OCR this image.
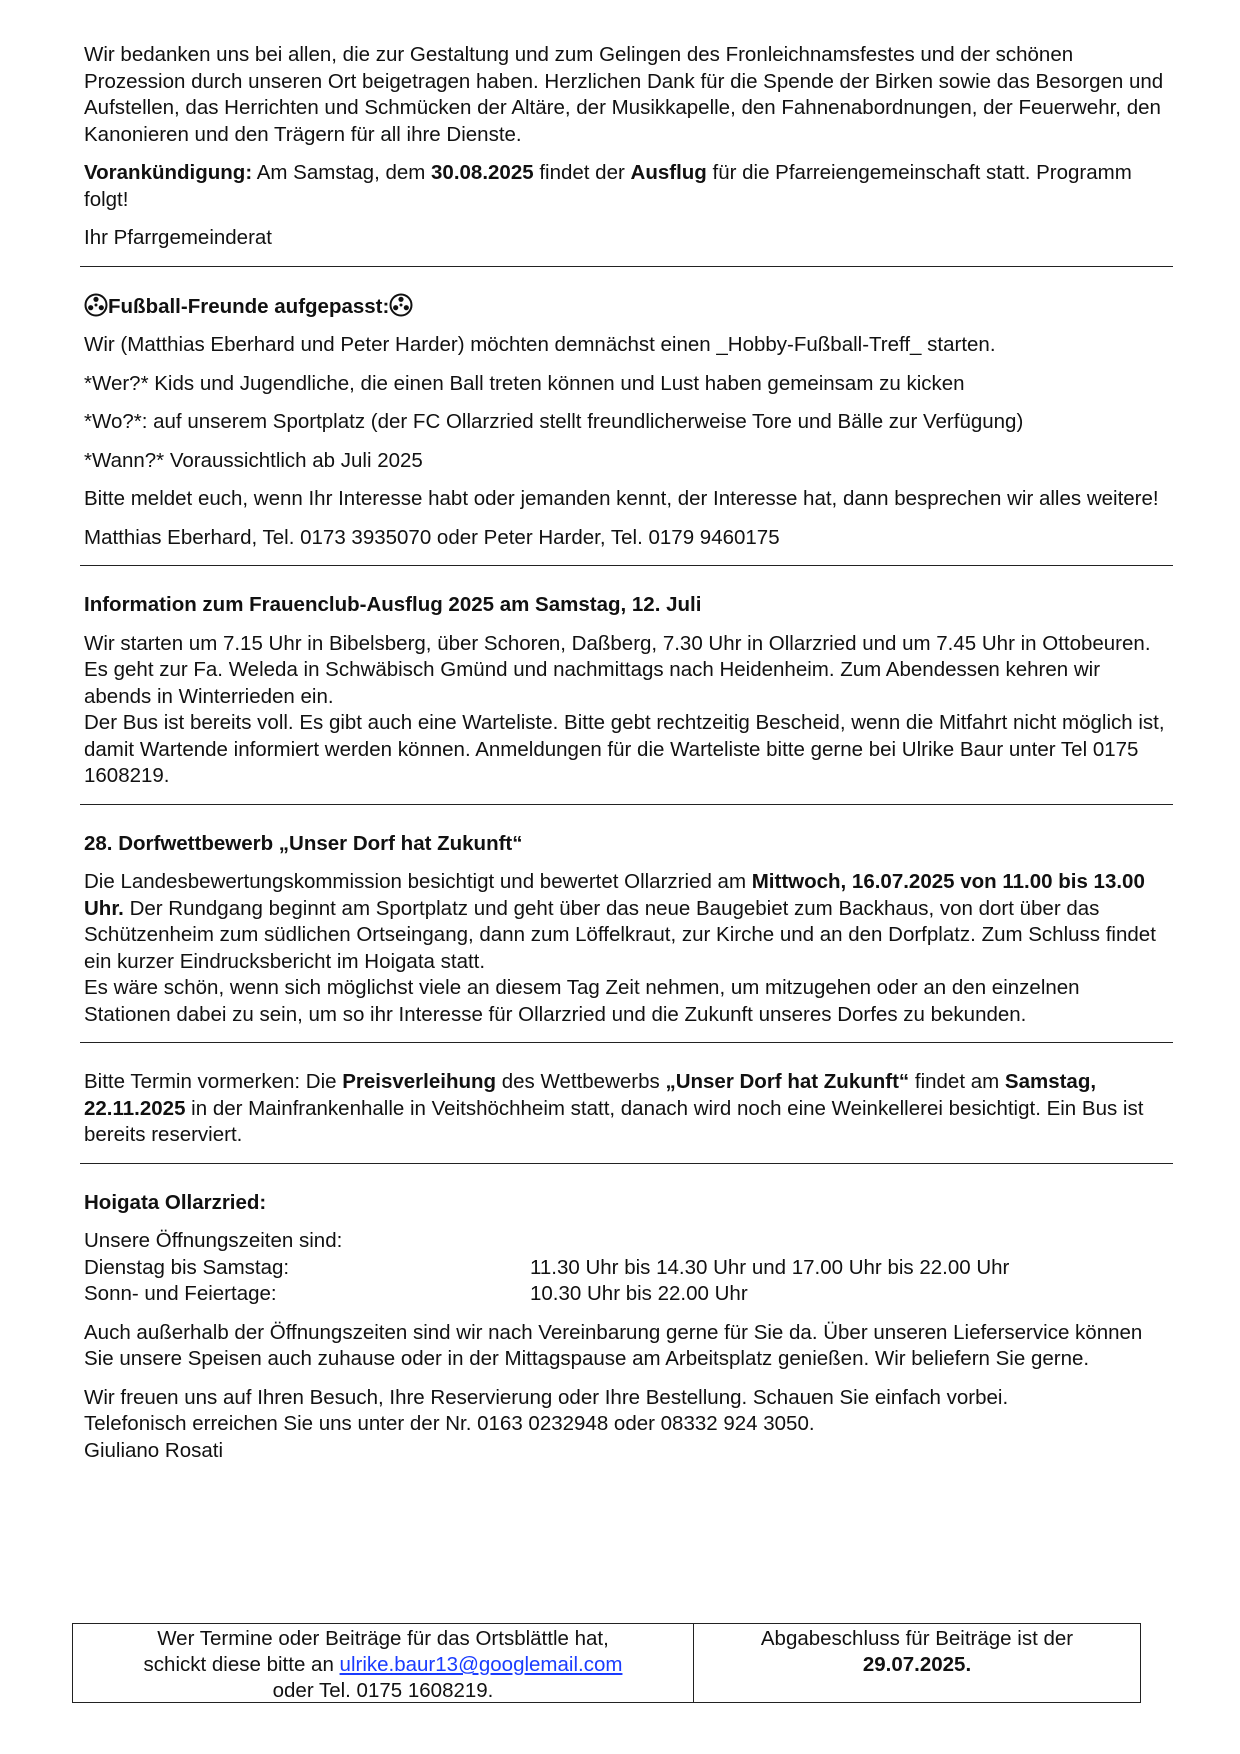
Wir bedanken uns bei allen, die zur Gestaltung und zum Gelingen des Fronleichnamsfestes und der schönen Prozession durch unseren Ort beigetragen haben. Herzlichen Dank für die Spende der Birken sowie das Besorgen und Aufstellen, das Herrichten und Schmücken der Altäre, der Musikkapelle, den Fahnenabordnungen, der Feuerwehr, den Kanonieren und den Trägern für all ihre Dienste.

Vorankündigung: Am Samstag, dem 30.08.2025 findet der Ausflug für die Pfarreiengemeinschaft statt. Programm folgt!

Ihr Pfarrgemeinderat

Fußball-Freunde aufgepasst:

Wir (Matthias Eberhard und Peter Harder) möchten demnächst einen _Hobby-Fußball-Treff_ starten.

*Wer?* Kids und Jugendliche, die einen Ball treten können und Lust haben gemeinsam zu kicken

*Wo?*: auf unserem Sportplatz (der FC Ollarzried stellt freundlicherweise Tore und Bälle zur Verfügung)

*Wann?* Voraussichtlich ab Juli 2025

Bitte meldet euch, wenn Ihr Interesse habt oder jemanden kennt, der Interesse hat, dann besprechen wir alles weitere!

Matthias Eberhard, Tel. 0173 3935070 oder Peter Harder, Tel. 0179 9460175

Information zum Frauenclub-Ausflug 2025 am Samstag, 12. Juli

Wir starten um 7.15 Uhr in Bibelsberg, über Schoren, Daßberg, 7.30 Uhr in Ollarzried und um 7.45 Uhr in Ottobeuren. Es geht zur Fa. Weleda in Schwäbisch Gmünd und nachmittags nach Heidenheim. Zum Abendessen kehren wir abends in Winterrieden ein.

Der Bus ist bereits voll. Es gibt auch eine Warteliste. Bitte gebt rechtzeitig Bescheid, wenn die Mitfahrt nicht möglich ist, damit Wartende informiert werden können. Anmeldungen für die Warteliste bitte gerne bei Ulrike Baur unter Tel 0175 1608219.

28. Dorfwettbewerb „Unser Dorf hat Zukunft“

Die Landesbewertungskommission besichtigt und bewertet Ollarzried am Mittwoch, 16.07.2025 von 11.00 bis 13.00 Uhr. Der Rundgang beginnt am Sportplatz und geht über das neue Baugebiet zum Backhaus, von dort über das Schützenheim zum südlichen Ortseingang, dann zum Löffelkraut, zur Kirche und an den Dorfplatz. Zum Schluss findet ein kurzer Eindrucksbericht im Hoigata statt.

Es wäre schön, wenn sich möglichst viele an diesem Tag Zeit nehmen, um mitzugehen oder an den einzelnen Stationen dabei zu sein, um so ihr Interesse für Ollarzried und die Zukunft unseres Dorfes zu bekunden.

Bitte Termin vormerken: Die Preisverleihung des Wettbewerbs „Unser Dorf hat Zukunft“ findet am Samstag, 22.11.2025 in der Mainfrankenhalle in Veitshöchheim statt, danach wird noch eine Weinkellerei besichtigt. Ein Bus ist bereits reserviert.

Hoigata Ollarzried:

Unsere Öffnungszeiten sind:

Dienstag bis Samstag:	11.30 Uhr bis 14.30 Uhr und 17.00 Uhr bis 22.00 Uhr
Sonn- und Feiertage:	10.30 Uhr bis 22.00 Uhr

Auch außerhalb der Öffnungszeiten sind wir nach Vereinbarung gerne für Sie da. Über unseren Lieferservice können Sie unsere Speisen auch zuhause oder in der Mittagspause am Arbeitsplatz genießen. Wir beliefern Sie gerne.

Wir freuen uns auf Ihren Besuch, Ihre Reservierung oder Ihre Bestellung. Schauen Sie einfach vorbei.

Telefonisch erreichen Sie uns unter der Nr. 0163 0232948 oder 08332 924 3050.

Giuliano Rosati

Wer Termine oder Beiträge für das Ortsblättle hat,
schickt diese bitte an ulrike.baur13@googlemail.com
oder Tel. 0175 1608219.
Abgabeschluss für Beiträge ist der
29.07.2025.
